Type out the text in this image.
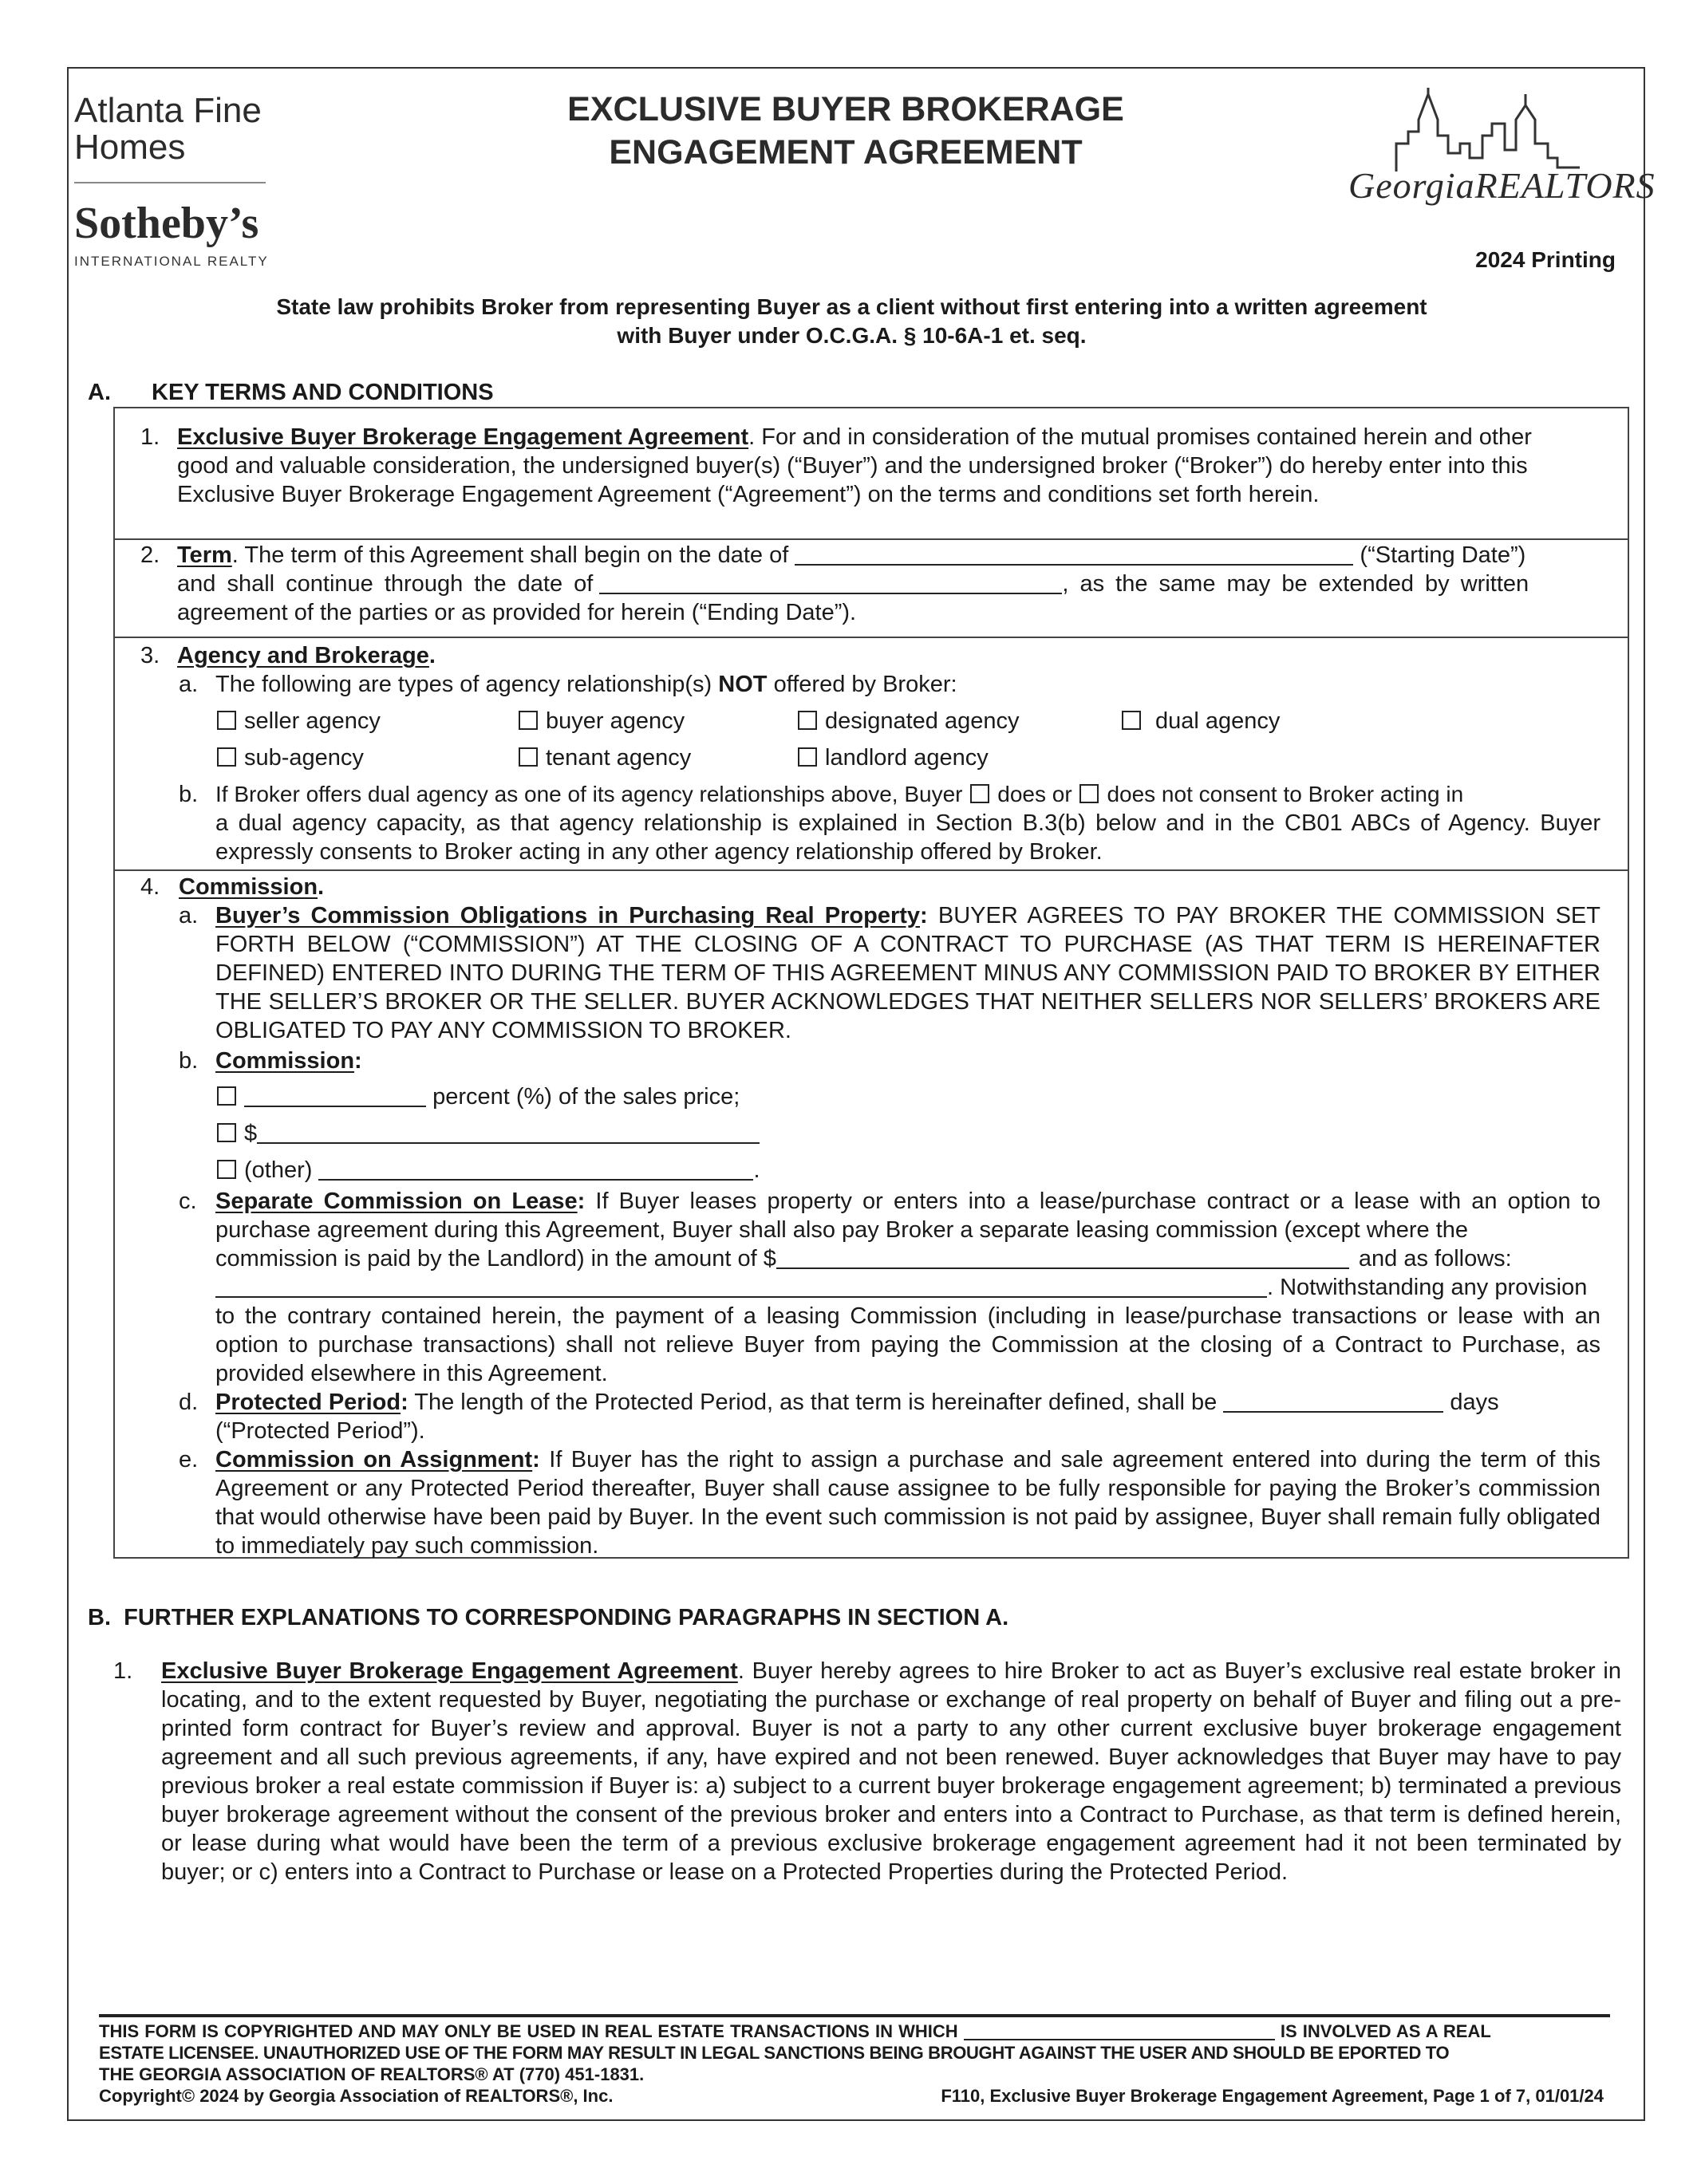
Atlanta Fine
Homes
Sotheby’s
INTERNATIONAL REALTY
EXCLUSIVE BUYER BROKERAGE
ENGAGEMENT AGREEMENT
GeorgiaREALTORS
2024 Printing
State law prohibits Broker from representing Buyer as a client without first entering into a written agreement
with Buyer under O.C.G.A. § 10-6A-1 et. seq.
A. KEY TERMS AND CONDITIONS
1. Exclusive Buyer Brokerage Engagement Agreement. For and in consideration of the mutual promises contained herein and other good and valuable consideration, the undersigned buyer(s) (“Buyer”) and the undersigned broker (“Broker”) do hereby enter into this Exclusive Buyer Brokerage Engagement Agreement (“Agreement”) on the terms and conditions set forth herein.
2. Term. The term of this Agreement shall begin on the date of	(“Starting Date”)
and shall continue through the date of	, as the same may be extended by written
agreement of the parties or as provided for herein (“Ending Date”).
3. Agency and Brokerage.
a. The following are types of agency relationship(s) NOT offered by Broker:
seller agency	buyer agency	designated agency	dual agency
sub-agency	tenant agency	landlord agency
b. If Broker offers dual agency as one of its agency relationships above, Buyer does or does not consent to Broker acting in
a dual agency capacity, as that agency relationship is explained in Section B.3(b) below and in the CB01 ABCs of Agency. Buyer expressly consents to Broker acting in any other agency relationship offered by Broker.
4. Commission.
a. Buyer’s Commission Obligations in Purchasing Real Property: BUYER AGREES TO PAY BROKER THE COMMISSION SET FORTH BELOW (“COMMISSION”) AT THE CLOSING OF A CONTRACT TO PURCHASE (AS THAT TERM IS HEREINAFTER DEFINED) ENTERED INTO DURING THE TERM OF THIS AGREEMENT MINUS ANY COMMISSION PAID TO BROKER BY EITHER THE SELLER’S BROKER OR THE SELLER. BUYER ACKNOWLEDGES THAT NEITHER SELLERS NOR SELLERS’ BROKERS ARE OBLIGATED TO PAY ANY COMMISSION TO BROKER.
b. Commission:
percent (%) of the sales price;
$
(other)	.
c. Separate Commission on Lease: If Buyer leases property or enters into a lease/purchase contract or a lease with an option to purchase agreement during this Agreement, Buyer shall also pay Broker a separate leasing commission (except where the
commission is paid by the Landlord) in the amount of $	and as follows:
. Notwithstanding any provision
to the contrary contained herein, the payment of a leasing Commission (including in lease/purchase transactions or lease with an option to purchase transactions) shall not relieve Buyer from paying the Commission at the closing of a Contract to Purchase, as provided elsewhere in this Agreement.
d. Protected Period: The length of the Protected Period, as that term is hereinafter defined, shall be	days
(“Protected Period”).
e. Commission on Assignment: If Buyer has the right to assign a purchase and sale agreement entered into during the term of this Agreement or any Protected Period thereafter, Buyer shall cause assignee to be fully responsible for paying the Broker’s commission that would otherwise have been paid by Buyer. In the event such commission is not paid by assignee, Buyer shall remain fully obligated to immediately pay such commission.
B.  FURTHER EXPLANATIONS TO CORRESPONDING PARAGRAPHS IN SECTION A.
1. Exclusive Buyer Brokerage Engagement Agreement. Buyer hereby agrees to hire Broker to act as Buyer’s exclusive real estate broker in locating, and to the extent requested by Buyer, negotiating the purchase or exchange of real property on behalf of Buyer and filing out a pre-printed form contract for Buyer’s review and approval. Buyer is not a party to any other current exclusive buyer brokerage engagement agreement and all such previous agreements, if any, have expired and not been renewed. Buyer acknowledges that Buyer may have to pay previous broker a real estate commission if Buyer is: a) subject to a current buyer brokerage engagement agreement; b) terminated a previous buyer brokerage agreement without the consent of the previous broker and enters into a Contract to Purchase, as that term is defined herein, or lease during what would have been the term of a previous exclusive brokerage engagement agreement had it not been terminated by buyer; or c) enters into a Contract to Purchase or lease on a Protected Properties during the Protected Period.
THIS FORM IS COPYRIGHTED AND MAY ONLY BE USED IN REAL ESTATE TRANSACTIONS IN WHICH	IS INVOLVED AS A REAL
ESTATE LICENSEE. UNAUTHORIZED USE OF THE FORM MAY RESULT IN LEGAL SANCTIONS BEING BROUGHT AGAINST THE USER AND SHOULD BE EPORTED TO
THE GEORGIA ASSOCIATION OF REALTORS® AT (770) 451-1831.
Copyright© 2024 by Georgia Association of REALTORS®, Inc.	F110, Exclusive Buyer Brokerage Engagement Agreement, Page 1 of 7, 01/01/24
